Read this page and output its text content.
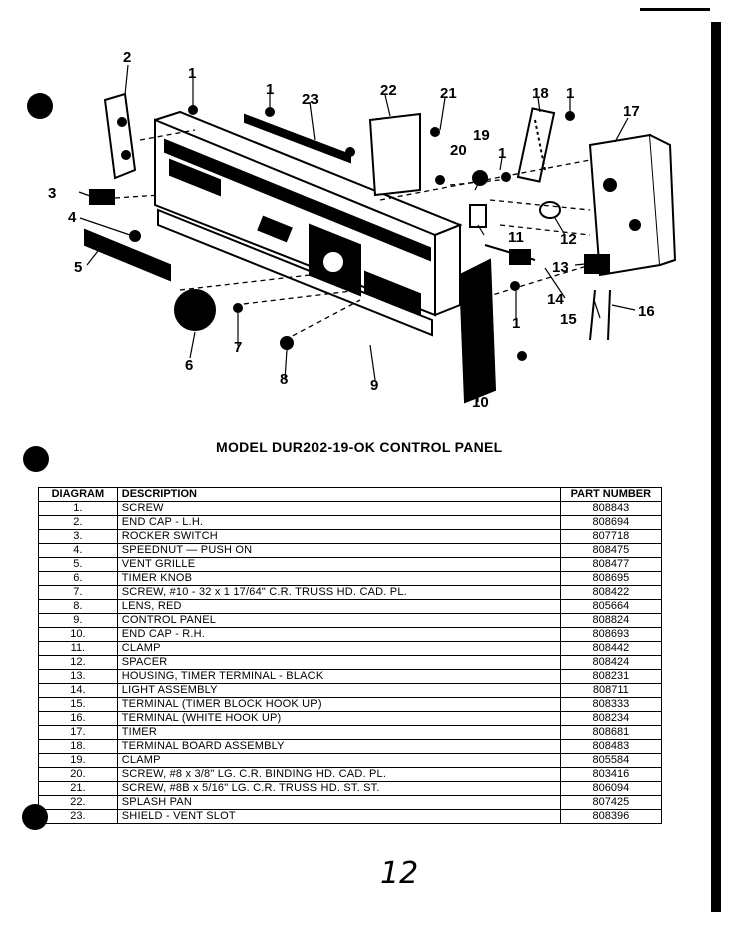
2
1
1
23
22	21
19
20 1
18 1
17
3
4
5
6
7
8	9
10
11 12
13
14
1	15	16
MODEL DUR202-19-OK CONTROL PANEL
DIAGRAM	DESCRIPTION	PART NUMBER
1.	SCREW	808843
2.	END CAP - L.H.	808694
3.	ROCKER SWITCH	807718
4.	SPEEDNUT — PUSH ON	808475
5.	VENT GRILLE	808477
6.	TIMER KNOB	808695
7.	SCREW, #10 - 32 x 1 17/64" C.R. TRUSS HD. CAD. PL.	808422
8.	LENS, RED	805664
9.	CONTROL PANEL	808824
10.	END CAP - R.H.	808693
11.	CLAMP	808442
12.	SPACER	808424
13.	HOUSING, TIMER TERMINAL - BLACK	808231
14.	LIGHT ASSEMBLY	808711
15.	TERMINAL (TIMER BLOCK HOOK UP)	808333
16.	TERMINAL (WHITE HOOK UP)	808234
17.	TIMER	808681
18.	TERMINAL BOARD ASSEMBLY	808483
19.	CLAMP	805584
20.	SCREW, #8 x 3/8" LG. C.R. BINDING HD. CAD. PL.	803416
21.	SCREW, #8B x 5/16" LG. C.R. TRUSS HD. ST. ST.	806094
22.	SPLASH PAN	807425
23.	SHIELD - VENT SLOT	808396
12
